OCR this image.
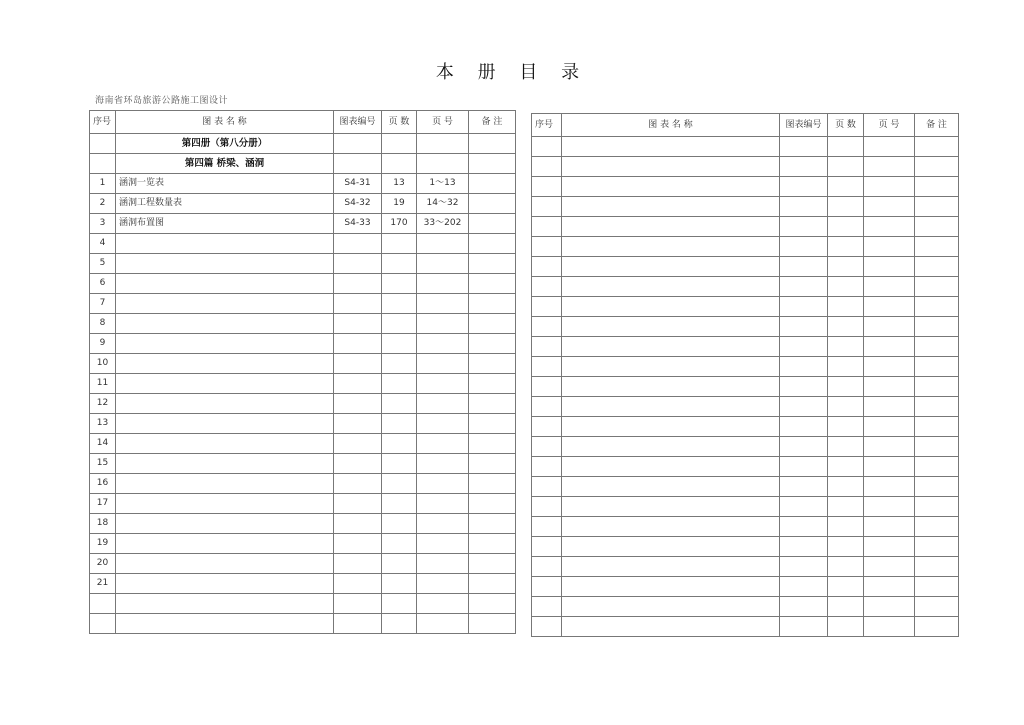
本 册 目 录
海南省环岛旅游公路施工图设计
序号	图 表 名 称	图表编号	页 数	页 号	备 注
	第四册（第八分册）				
	第四篇 桥梁、涵洞				
1	涵洞一览表	S4-31	13	1～13	
2	涵洞工程数量表	S4-32	19	14～32	
3	涵洞布置图	S4-33	170	33～202	
4					
5					
6					
7					
8					
9					
10					
11					
12					
13					
14					
15					
16					
17					
18					
19					
20					
21					

序号	图 表 名 称	图表编号	页 数	页 号	备 注
